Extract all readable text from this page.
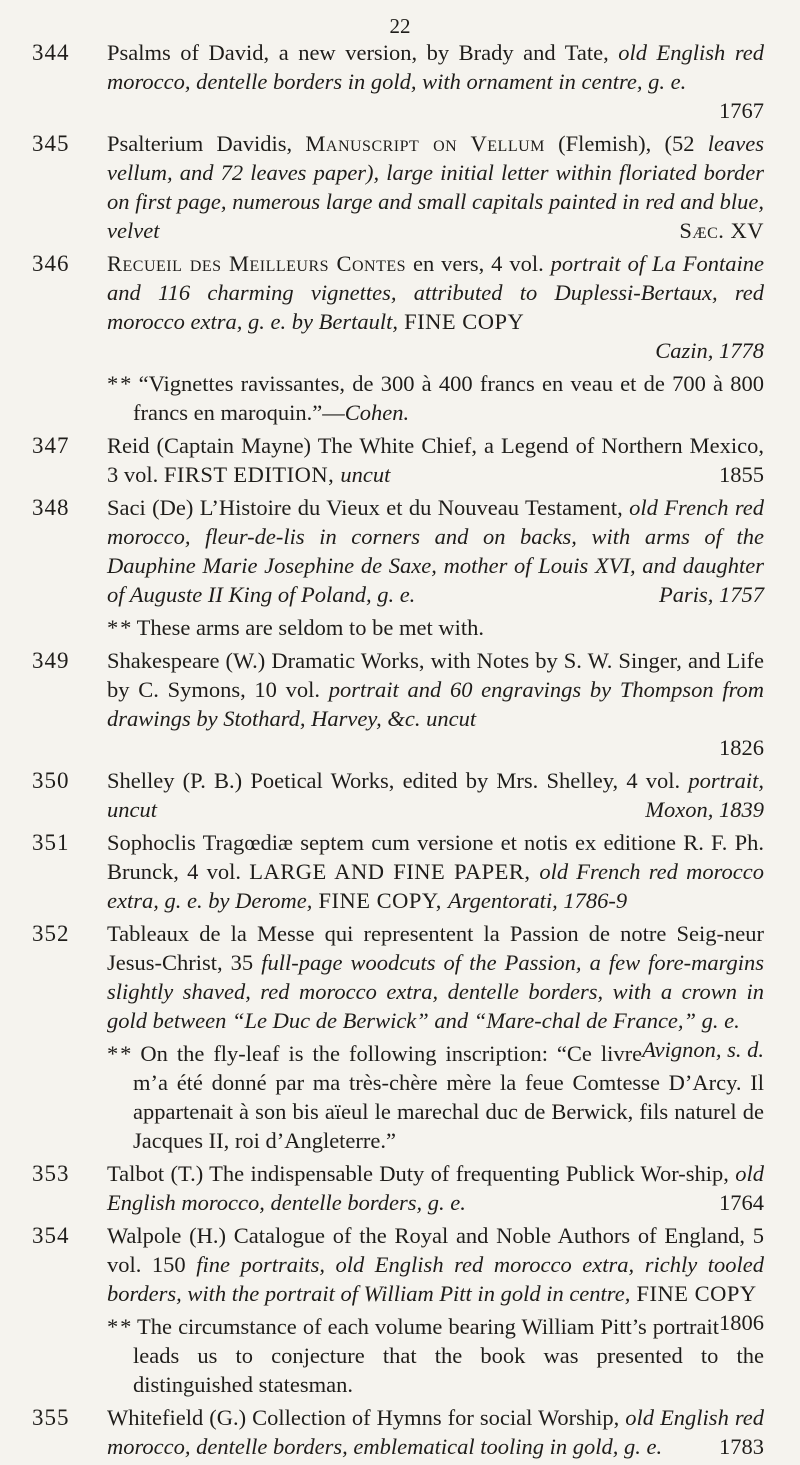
22
344 Psalms of David, a new version, by Brady and Tate, old English red morocco, dentelle borders in gold, with ornament in centre, g. e.
1767
345 Psalterium Davidis, Manuscript on Vellum (Flemish), (52 leaves vellum, and 72 leaves paper), large initial letter within floriated border on first page, numerous large and small capitals painted in red and blue, velvet	Sæc. XV
346 Recueil des Meilleurs Contes en vers, 4 vol. portrait of La Fontaine and 116 charming vignettes, attributed to Duplessi-Bertaux, red morocco extra, g. e. by Bertault, FINE COPY
Cazin, 1778
* * “Vignettes ravissantes, de 300 à 400 francs en veau et de 700 à 800 francs en maroquin.”—Cohen.
347 Reid (Captain Mayne) The White Chief, a Legend of Northern Mexico, 3 vol. FIRST EDITION, uncut	1855
348 Saci (De) L’Histoire du Vieux et du Nouveau Testament, old French red morocco, fleur-de-lis in corners and on backs, with arms of the Dauphine Marie Josephine de Saxe, mother of Louis XVI, and daughter of Auguste II King of Poland, g. e.	Paris, 1757
* * These arms are seldom to be met with.
349 Shakespeare (W.) Dramatic Works, with Notes by S. W. Singer, and Life by C. Symons, 10 vol. portrait and 60 engravings by Thompson from drawings by Stothard, Harvey, &c. uncut
1826
350 Shelley (P. B.) Poetical Works, edited by Mrs. Shelley, 4 vol. portrait, uncut	Moxon, 1839
351 Sophoclis Tragœdiæ septem cum versione et notis ex editione R. F. Ph. Brunck, 4 vol. LARGE AND FINE PAPER, old French red morocco extra, g. e. by Derome, FINE COPY, Argentorati, 1786-9
352 Tableaux de la Messe qui representent la Passion de notre Seig-neur Jesus-Christ, 35 full-page woodcuts of the Passion, a few fore-margins slightly shaved, red morocco extra, dentelle borders, with a crown in gold between “Le Duc de Berwick” and “Mare-chal de France,” g. e.
Avignon, s. d.
* * On the fly-leaf is the following inscription: “Ce livre m’a été donné par ma très-chère mère la feue Comtesse D’Arcy. Il appartenait à son bis aïeul le marechal duc de Berwick, fils naturel de Jacques II, roi d’Angleterre.”
353 Talbot (T.) The indispensable Duty of frequenting Publick Wor-ship, old English morocco, dentelle borders, g. e.	1764
354 Walpole (H.) Catalogue of the Royal and Noble Authors of England, 5 vol. 150 fine portraits, old English red morocco extra, richly tooled borders, with the portrait of William Pitt in gold in centre, FINE COPY
1806
* * The circumstance of each volume bearing William Pitt’s portrait leads us to conjecture that the book was presented to the distinguished statesman.
355 Whitefield (G.) Collection of Hymns for social Worship, old English red morocco, dentelle borders, emblematical tooling in gold, g. e.	1783
